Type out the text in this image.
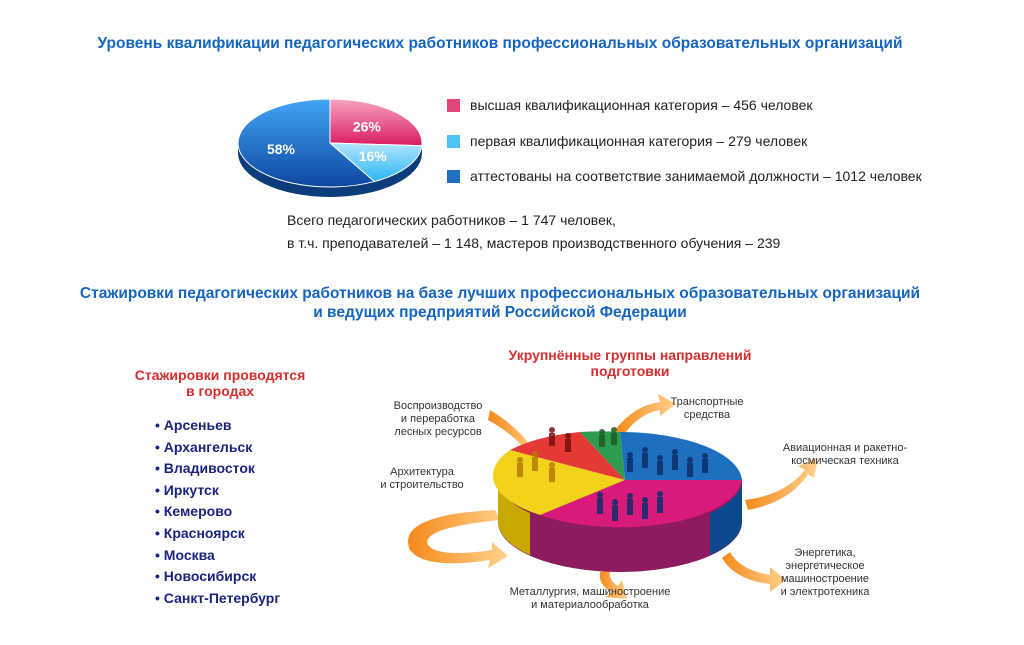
Уровень квалификации педагогических работников профессиональных образовательных организаций
26%
16%
58%
высшая квалификационная категория – 456 человек
первая квалификационная категория – 279 человек
аттестованы на соответствие занимаемой должности – 1012 человек
Всего педагогических работников – 1 747 человек,
в т.ч. преподавателей – 1 148, мастеров производственного обучения – 239
Стажировки педагогических работников на базе лучших профессиональных образовательных организаций
и ведущих предприятий Российской Федерации
Стажировки проводятся
в городах
• Арсеньев
• Архангельск
• Владивосток
• Иркутск
• Кемерово
• Красноярск
• Москва
• Новосибирск
• Санкт-Петербург
Укрупнённые группы направлений подготовки
Воспроизводство
и переработка
лесных ресурсов
Транспортные
средства
Авиационная и ракетно-
космическая техника
Архитектура
и строительство
Энергетика,
энергетическое машиностроение
и электротехника
Металлургия, машиностроение
и материалообработка
